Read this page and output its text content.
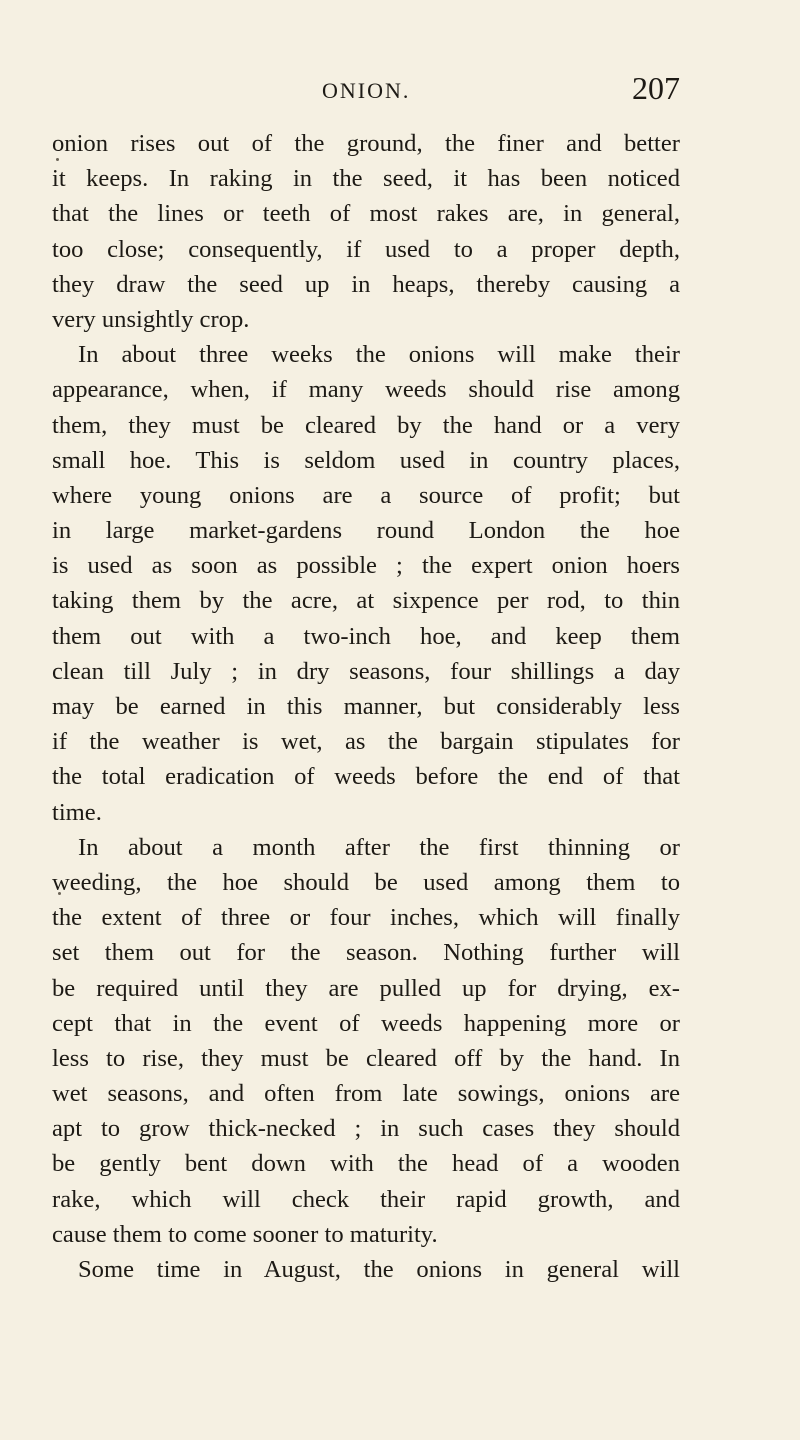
ONION.	207
onion rises out of the ground, the finer and better
it keeps. In raking in the seed, it has been noticed
that the lines or teeth of most rakes are, in general,
too close; consequently, if used to a proper depth,
they draw the seed up in heaps, thereby causing a
very unsightly crop.
In about three weeks the onions will make their
appearance, when, if many weeds should rise among
them, they must be cleared by the hand or a very
small hoe. This is seldom used in country places,
where young onions are a source of profit; but
in large market-gardens round London the hoe
is used as soon as possible ; the expert onion hoers
taking them by the acre, at sixpence per rod, to thin
them out with a two-inch hoe, and keep them
clean till July ; in dry seasons, four shillings a day
may be earned in this manner, but considerably less
if the weather is wet, as the bargain stipulates for
the total eradication of weeds before the end of that
time.
In about a month after the first thinning or
weeding, the hoe should be used among them to
the extent of three or four inches, which will finally
set them out for the season. Nothing further will
be required until they are pulled up for drying, ex-
cept that in the event of weeds happening more or
less to rise, they must be cleared off by the hand. In
wet seasons, and often from late sowings, onions are
apt to grow thick-necked ; in such cases they should
be gently bent down with the head of a wooden
rake, which will check their rapid growth, and
cause them to come sooner to maturity.
Some time in August, the onions in general will
